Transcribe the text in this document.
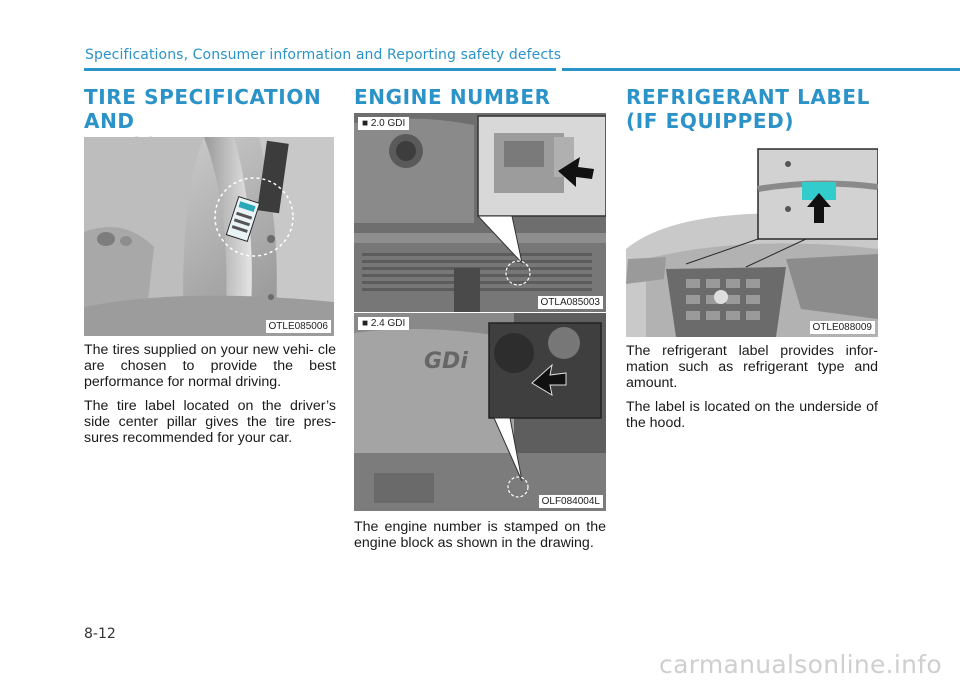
Specifications, Consumer information and Reporting safety defects
TIRE SPECIFICATION AND
OTLE085006

The tires supplied on your new vehi- cle are chosen to provide the best performance for normal driving.

The tire label located on the driver’s side center pillar gives the tire pres- sures recommended for your car.

ENGINE NUMBER
■ 2.0 GDI
OTLA085003
GDi
■ 2.4 GDI
OLF084004L

The engine number is stamped on the engine block as shown in the drawing.

REFRIGERANT LABEL
(IF EQUIPPED)
OTLE088009

The refrigerant label provides infor- mation such as refrigerant type and amount.

The label is located on the underside of the hood.

8-12
carmanualsonline.info
